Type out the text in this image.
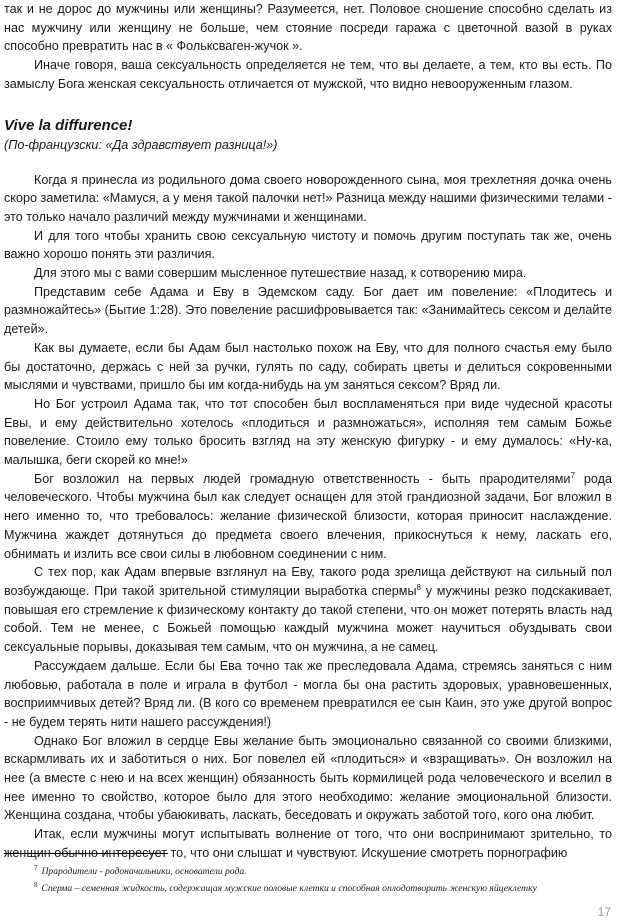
так и не дорос до мужчины или женщины? Разумеется, нет. Половое сношение способно сделать из нас мужчину или женщину не больше, чем стояние посреди гаража с цветочной вазой в руках способно превратить нас в « Фольксваген-жучок ».

Иначе говоря, ваша сексуальность определяется не тем, что вы делаете, а тем, кто вы есть. По замыслу Бога женская сексуальность отличается от мужской, что видно невооруженным глазом.

Vive la diffurence!

(По-французски: «Да здравствует разница!»)

Когда я принесла из родильного дома своего новорожденного сына, моя трехлетняя дочка очень скоро заметила: «Мамуся, а у меня такой палочки нет!» Разница между нашими физическими телами - это только начало различий между мужчинами и женщинами.

И для того чтобы хранить свою сексуальную чистоту и помочь другим поступать так же, очень важно хорошо понять эти различия.

Для этого мы с вами совершим мысленное путешествие назад, к сотворению мира.

Представим себе Адама и Еву в Эдемском саду. Бог дает им повеление: «Плодитесь и размножайтесь» (Бытие 1:28). Это повеление расшифровывается так: «Занимайтесь сексом и делайте детей».

Как вы думаете, если бы Адам был настолько похож на Еву, что для полного счастья ему было бы достаточно, держась с ней за ручки, гулять по саду, собирать цветы и делиться сокровенными мыслями и чувствами, пришло бы им когда-нибудь на ум заняться сексом? Вряд ли.

Но Бог устроил Адама так, что тот способен был воспламеняться при виде чудесной красоты Евы, и ему действительно хотелось «плодиться и размножаться», исполняя тем самым Божье повеление. Стоило ему только бросить взгляд на эту женскую фигурку - и ему думалось: «Ну-ка, малышка, беги скорей ко мне!»

Бог возложил на первых людей громадную ответственность - быть прародителями$^7$ рода человеческого. Чтобы мужчина был как следует оснащен для этой грандиозной задачи, Бог вложил в него именно то, что требовалось: желание физической близости, которая приносит наслаждение. Мужчина жаждет дотянуться до предмета своего влечения, прикоснуться к нему, ласкать его, обнимать и излить все свои силы в любовном соединении с ним.

С тех пор, как Адам впервые взглянул на Еву, такого рода зрелища действуют на сильный пол возбуждающе. При такой зрительной стимуляции выработка спермы$^8$ у мужчины резко подскакивает, повышая его стремление к физическому контакту до такой степени, что он может потерять власть над собой. Тем не менее, с Божьей помощью каждый мужчина может научиться обуздывать свои сексуальные порывы, доказывая тем самым, что он мужчина, а не самец.

Рассуждаем дальше. Если бы Ева точно так же преследовала Адама, стремясь заняться с ним любовью, работала в поле и играла в футбол - могла бы она растить здоровых, уравновешенных, восприимчивых детей? Вряд ли. (В кого со временем превратился ее сын Каин, это уже другой вопрос - не будем терять нити нашего рассуждения!)

Однако Бог вложил в сердце Евы желание быть эмоционально связанной со своими близкими, вскармливать их и заботиться о них. Бог повелел ей «плодиться» и «взращивать». Он возложил на нее (а вместе с нею и на всех женщин) обязанность быть кормилицей рода человеческого и вселил в нее именно то свойство, которое было для этого необходимо: желание эмоциональной близости. Женщина создана, чтобы убаюкивать, ласкать, беседовать и окружать заботой того, кого она любит.

Итак, если мужчины могут испытывать волнение от того, что они воспринимают зрительно, то женщин обычно интересует то, что они слышат и чувствуют. Искушение смотреть порнографию

$^7$ Прародители - родоначальники, основатели рода.

$^8$ Сперма – семенная жидкость, содержащая мужские половые клетки и способная оплодотворить женскую яйцеклетку

17
